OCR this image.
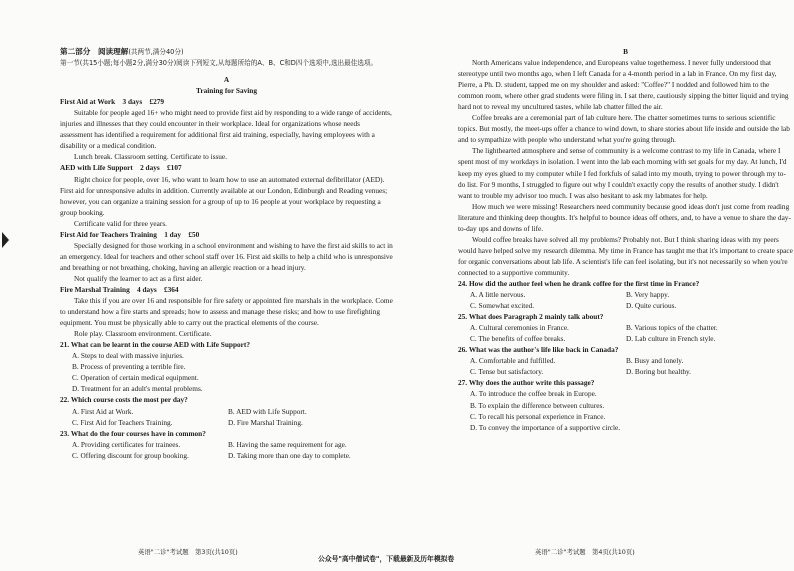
第二部分　阅读理解(共两节,满分40分)

第一节(共15小题;每小题2分,满分30分)阅读下列短文,从每题所给的A、B、C和D四个选项中,选出最佳选项。

A

Training for Saving

First Aid at Work　3 days　£279

Suitable for people aged 16+ who might need to provide first aid by responding to a wide range of accidents, injuries and illnesses that they could encounter in their workplace. Ideal for organizations whose needs assessment has identified a requirement for additional first aid training, especially, having employees with a disability or a medical condition.

Lunch break. Classroom setting. Certificate to issue.

AED with Life Support　2 days　£107

Right choice for people, over 16, who want to learn how to use an automated external defibrillator (AED). First aid for unresponsive adults in addition. Currently available at our London, Edinburgh and Reading venues; however, you can organize a training session for a group of up to 16 people at your workplace by requesting a group booking.

Certificate valid for three years.

First Aid for Teachers Training　1 day　£50

Specially designed for those working in a school environment and wishing to have the first aid skills to act in an emergency. Ideal for teachers and other school staff over 16. First aid skills to help a child who is unresponsive and breathing or not breathing, choking, having an allergic reaction or a head injury.

Not qualify the learner to act as a first aider.

Fire Marshal Training　4 days　£364

Take this if you are over 16 and responsible for fire safety or appointed fire marshals in the workplace. Come to understand how a fire starts and spreads; how to assess and manage these risks; and how to use firefighting equipment. You must be physically able to carry out the practical elements of the course.

Role play. Classroom environment. Certificate.

21. What can be learnt in the course AED with Life Support?

A. Steps to deal with massive injuries.

B. Process of preventing a terrible fire.

C. Operation of certain medical equipment.

D. Treatment for an adult's mental problems.

22. Which course costs the most per day?

A. First Aid at Work.	B. AED with Life Support.
C. First Aid for Teachers Training.	D. Fire Marshal Training.

23. What do the four courses have in common?

A. Providing certificates for trainees.	B. Having the same requirement for age.
C. Offering discount for group booking.	D. Taking more than one day to complete.

B

North Americans value independence, and Europeans value togetherness. I never fully understood that stereotype until two months ago, when I left Canada for a 4-month period in a lab in France. On my first day, Pierre, a Ph. D. student, tapped me on my shoulder and asked: "Coffee?" I nodded and followed him to the common room, where other grad students were filing in. I sat there, cautiously sipping the bitter liquid and trying hard not to reveal my uncultured tastes, while lab chatter filled the air.

Coffee breaks are a ceremonial part of lab culture here. The chatter sometimes turns to serious scientific topics. But mostly, the meet-ups offer a chance to wind down, to share stories about life inside and outside the lab and to sympathize with people who understand what you're going through.

The lighthearted atmosphere and sense of community is a welcome contrast to my life in Canada, where I spent most of my workdays in isolation. I went into the lab each morning with set goals for my day. At lunch, I'd keep my eyes glued to my computer while I fed forkfuls of salad into my mouth, trying to power through my to-do list. For 9 months, I struggled to figure out why I couldn't exactly copy the results of another study. I didn't want to trouble my advisor too much. I was also hesitant to ask my labmates for help.

How much we were missing! Researchers need community because good ideas don't just come from reading literature and thinking deep thoughts. It's helpful to bounce ideas off others, and, to have a venue to share the day-to-day ups and downs of life.

Would coffee breaks have solved all my problems? Probably not. But I think sharing ideas with my peers would have helped solve my research dilemma. My time in France has taught me that it's important to create space for organic conversations about lab life. A scientist's life can feel isolating, but it's not necessarily so when you're connected to a supportive community.

24. How did the author feel when he drank coffee for the first time in France?

A. A little nervous.	B. Very happy.
C. Somewhat excited.	D. Quite curious.

25. What does Paragraph 2 mainly talk about?

A. Cultural ceremonies in France.	B. Various topics of the chatter.
C. The benefits of coffee breaks.	D. Lab culture in French style.

26. What was the author's life like back in Canada?

A. Comfortable and fulfilled.	B. Busy and lonely.
C. Tense but satisfactory.	D. Boring but healthy.

27. Why does the author write this passage?

A. To introduce the coffee break in Europe.

B. To explain the difference between cultures.

C. To recall his personal experience in France.

D. To convey the importance of a supportive circle.

英语"二诊"考试题　第3页(共10页)	英语"二诊"考试题　第4页(共10页)
公众号"高中僧试卷"，下载最新及历年模拟卷
